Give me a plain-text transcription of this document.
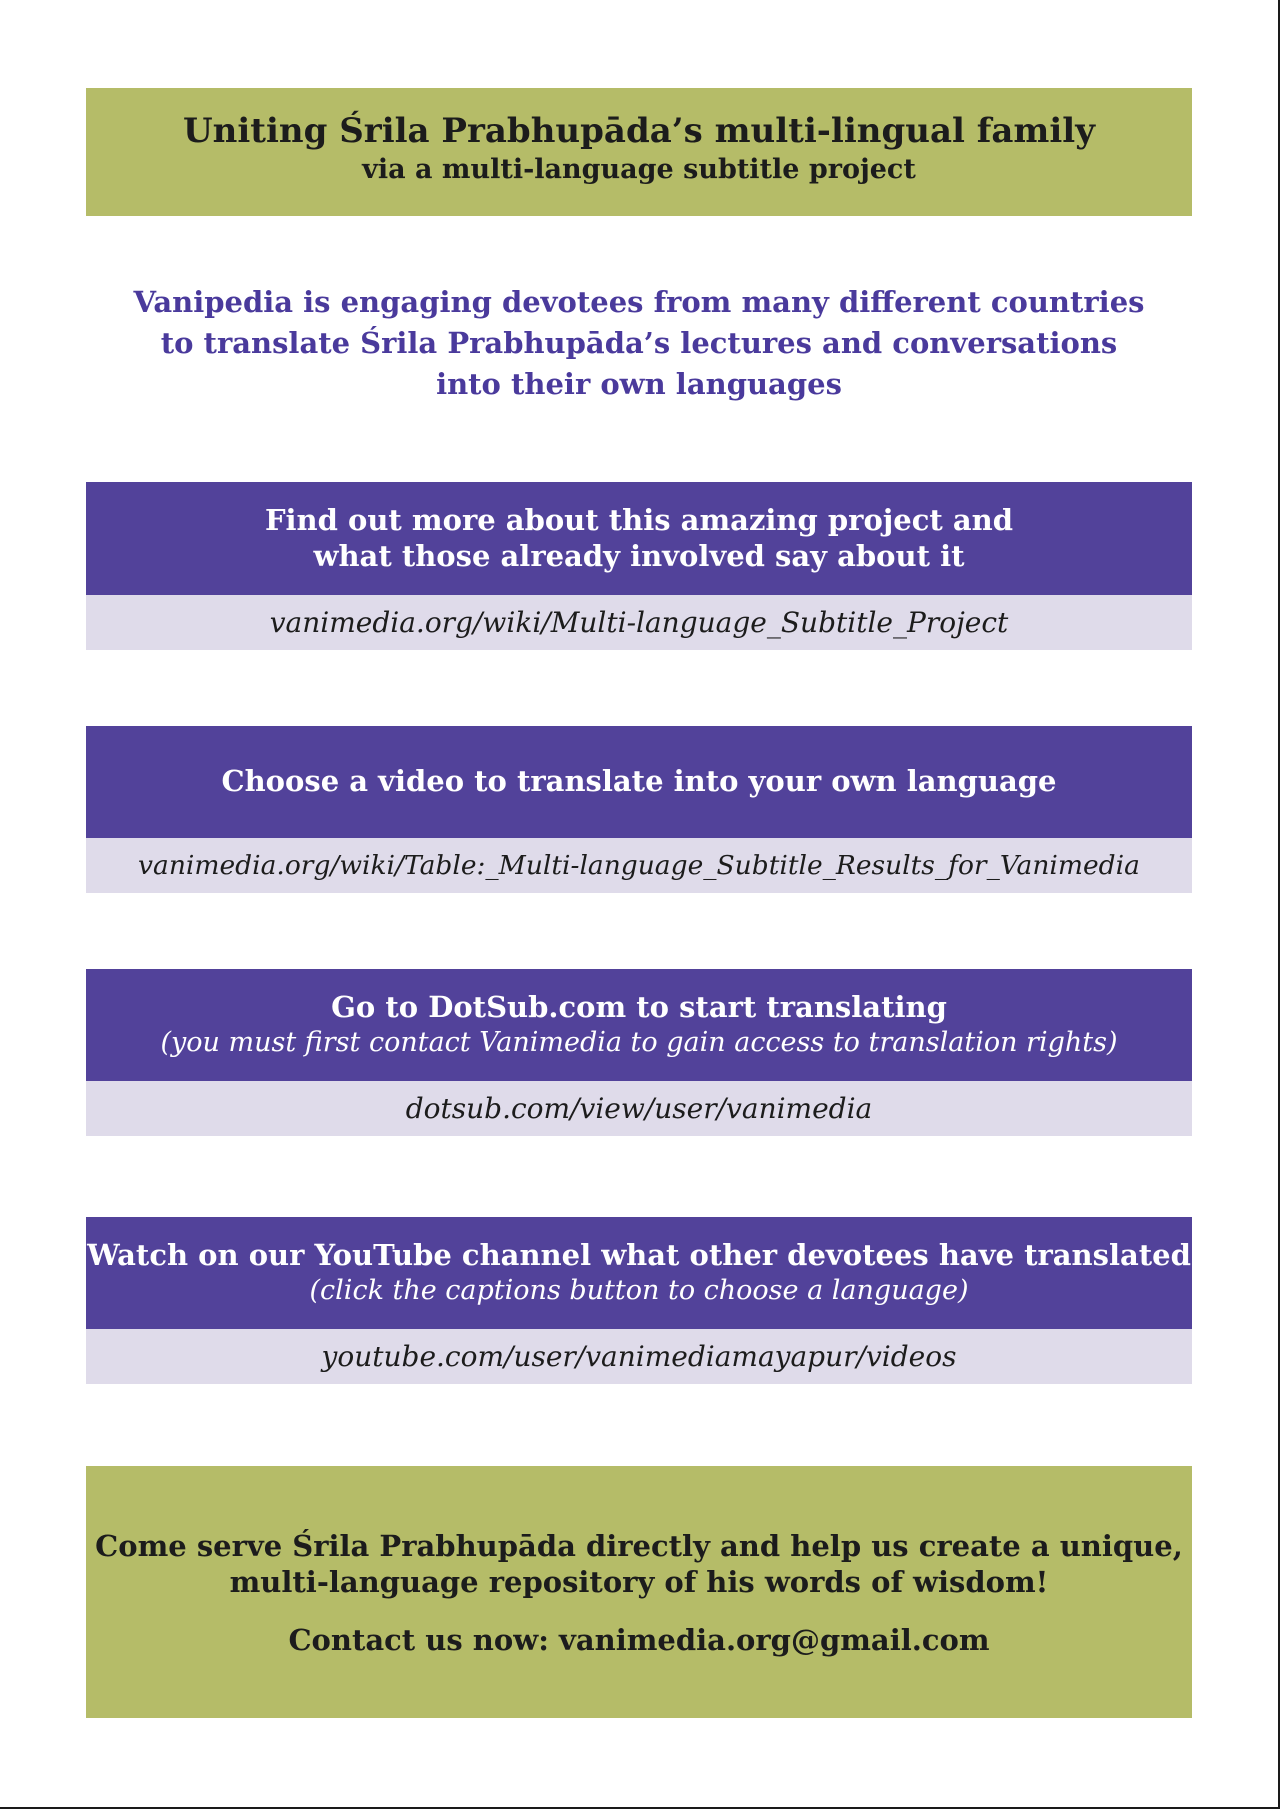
Uniting Śrila Prabhupāda’s multi-lingual family
via a multi-language subtitle project
Vanipedia is engaging devotees from many different countries
to translate Śrila Prabhupāda’s lectures and conversations
into their own languages
Find out more about this amazing project and
what those already involved say about it
vanimedia.org/wiki/Multi-language_Subtitle_Project
Choose a video to translate into your own language
vanimedia.org/wiki/Table:_Multi-language_Subtitle_Results_for_Vanimedia
Go to DotSub.com to start translating
(you must first contact Vanimedia to gain access to translation rights)
dotsub.com/view/user/vanimedia
Watch on our YouTube channel what other devotees have translated
(click the captions button to choose a language)
youtube.com/user/vanimediamayapur/videos
Come serve Śrila Prabhupāda directly and help us create a unique,
multi-language repository of his words of wisdom!
Contact us now: vanimedia.org@gmail.com
